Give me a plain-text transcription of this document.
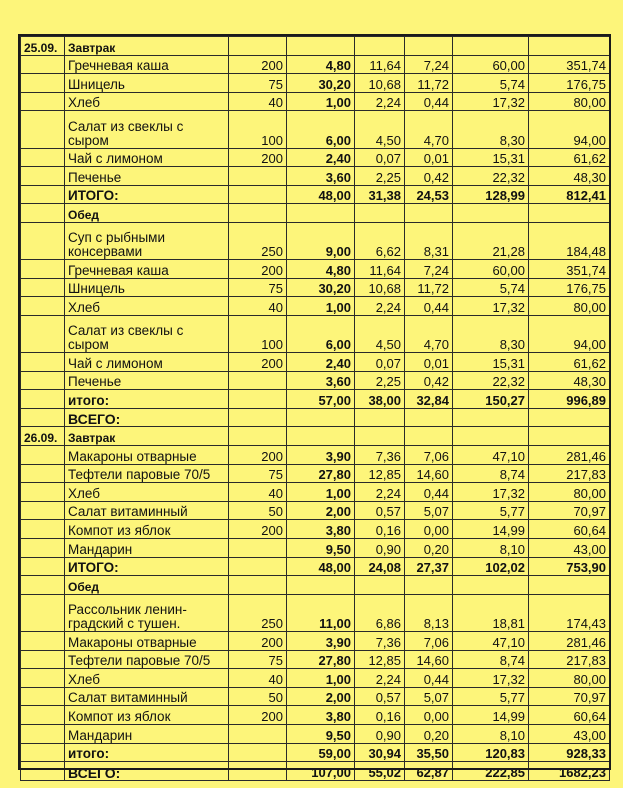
25.09.	Завтрак						
	Гречневая каша	200	4,80	11,64	7,24	60,00	351,74
	Шницель	75	30,20	10,68	11,72	5,74	176,75
	Хлеб	40	1,00	2,24	0,44	17,32	80,00
	Салат из свеклы с сыром	100	6,00	4,50	4,70	8,30	94,00
	Чай с лимоном	200	2,40	0,07	0,01	15,31	61,62
	Печенье		3,60	2,25	0,42	22,32	48,30
	ИТОГО:		48,00	31,38	24,53	128,99	812,41
	Обед						
	Суп с рыбными консервами	250	9,00	6,62	8,31	21,28	184,48
	Гречневая каша	200	4,80	11,64	7,24	60,00	351,74
	Шницель	75	30,20	10,68	11,72	5,74	176,75
	Хлеб	40	1,00	2,24	0,44	17,32	80,00
	Салат из свеклы с сыром	100	6,00	4,50	4,70	8,30	94,00
	Чай с лимоном	200	2,40	0,07	0,01	15,31	61,62
	Печенье		3,60	2,25	0,42	22,32	48,30
	итого:		57,00	38,00	32,84	150,27	996,89
	ВСЕГО:						
26.09.	Завтрак						
	Макароны отварные	200	3,90	7,36	7,06	47,10	281,46
	Тефтели паровые 70/5	75	27,80	12,85	14,60	8,74	217,83
	Хлеб	40	1,00	2,24	0,44	17,32	80,00
	Салат витаминный	50	2,00	0,57	5,07	5,77	70,97
	Компот из яблок	200	3,80	0,16	0,00	14,99	60,64
	Мандарин		9,50	0,90	0,20	8,10	43,00
	ИТОГО:		48,00	24,08	27,37	102,02	753,90
	Обед						
	Рассольник ленин- градский с тушен.	250	11,00	6,86	8,13	18,81	174,43
	Макароны отварные	200	3,90	7,36	7,06	47,10	281,46
	Тефтели паровые 70/5	75	27,80	12,85	14,60	8,74	217,83
	Хлеб	40	1,00	2,24	0,44	17,32	80,00
	Салат витаминный	50	2,00	0,57	5,07	5,77	70,97
	Компот из яблок	200	3,80	0,16	0,00	14,99	60,64
	Мандарин		9,50	0,90	0,20	8,10	43,00
	итого:		59,00	30,94	35,50	120,83	928,33
	ВСЕГО:		107,00	55,02	62,87	222,85	1682,23
